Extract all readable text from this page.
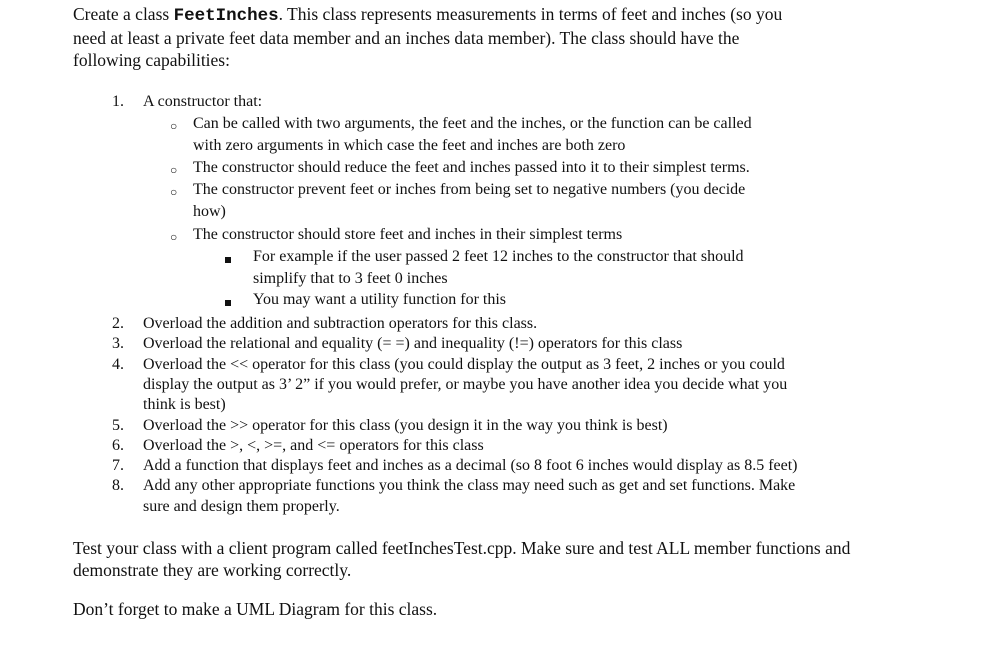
Create a class FeetInches. This class represents measurements in terms of feet and inches (so you
need at least a private feet data member and an inches data member). The class should have the
following capabilities:

1.	A constructor that:
○ Can be called with two arguments, the feet and the inches, or the function can be called
with zero arguments in which case the feet and inches are both zero
○ The constructor should reduce the feet and inches passed into it to their simplest terms.
○ The constructor prevent feet or inches from being set to negative numbers (you decide
how)
○ The constructor should store feet and inches in their simplest terms
For example if the user passed 2 feet 12 inches to the constructor that should
simplify that to 3 feet 0 inches
You may want a utility function for this
2.	Overload the addition and subtraction operators for this class.
3.	Overload the relational and equality (= =) and inequality (!=) operators for this class
4.	Overload the << operator for this class (you could display the output as 3 feet, 2 inches or you could
display the output as 3’ 2” if you would prefer, or maybe you have another idea you decide what you
think is best)
5.	Overload the >> operator for this class (you design it in the way you think is best)
6.	Overload the >, <, >=, and <= operators for this class
7.	Add a function that displays feet and inches as a decimal (so 8 foot 6 inches would display as 8.5 feet)
8.	Add any other appropriate functions you think the class may need such as get and set functions. Make
sure and design them properly.

Test your class with a client program called feetInchesTest.cpp. Make sure and test ALL member functions and
demonstrate they are working correctly.

Don’t forget to make a UML Diagram for this class.
